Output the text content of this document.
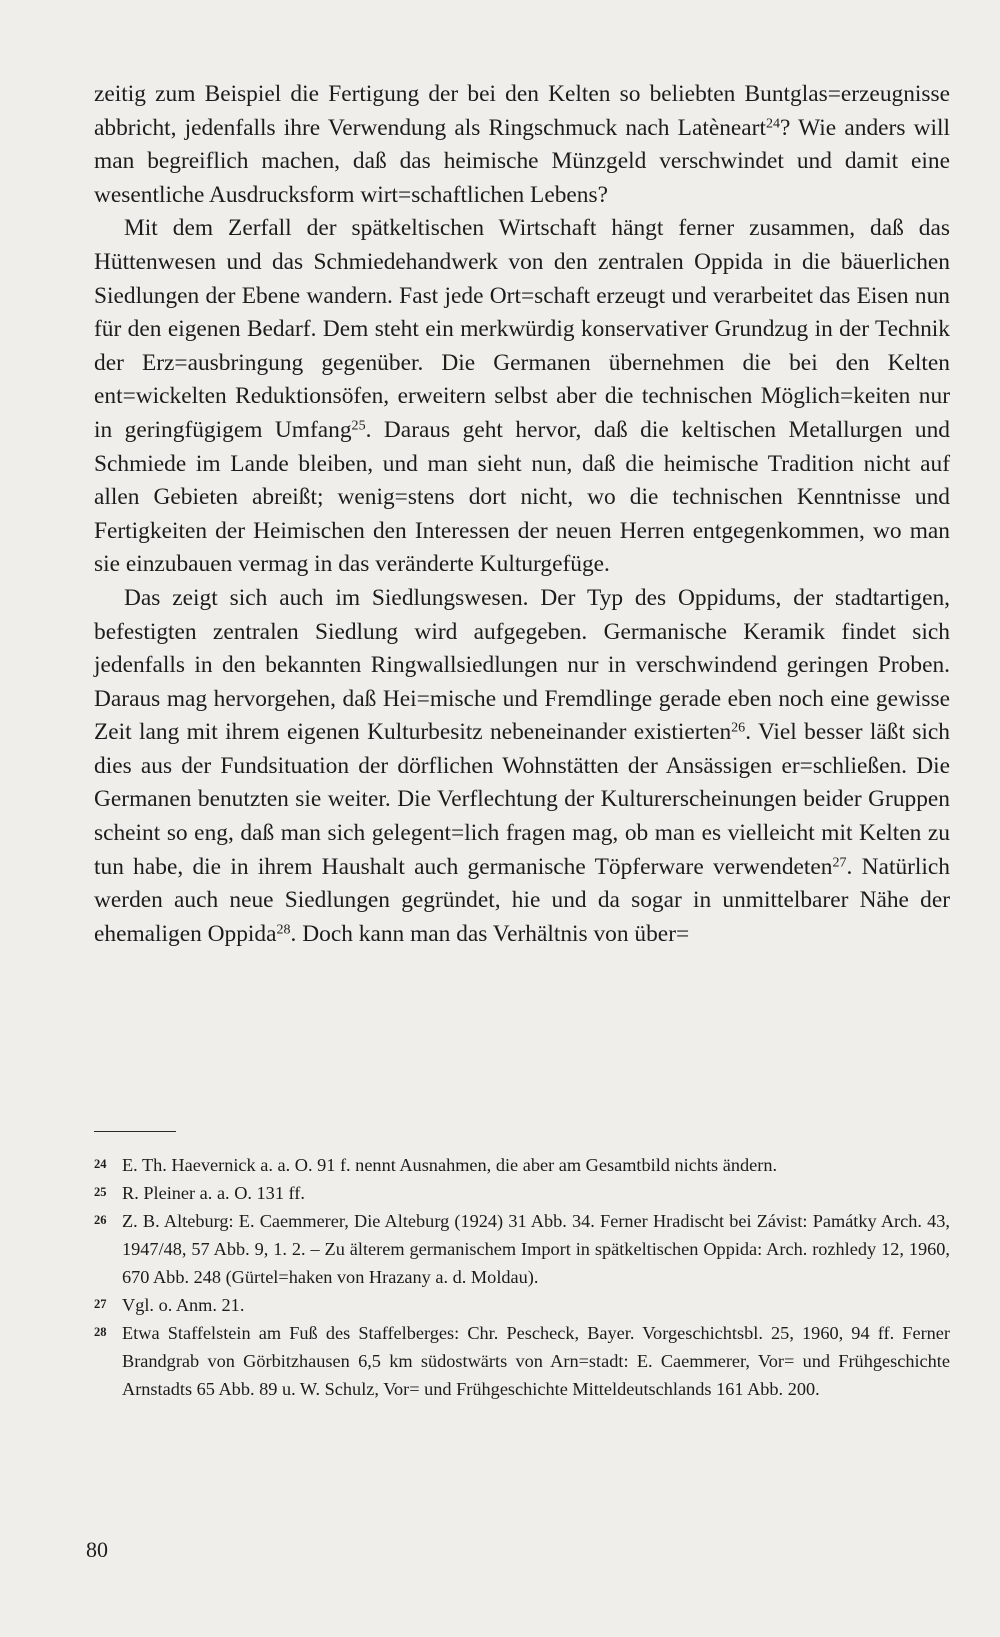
zeitig zum Beispiel die Fertigung der bei den Kelten so beliebten Buntglas=erzeugnisse abbricht, jedenfalls ihre Verwendung als Ringschmuck nach Latèneart$^{24}$? Wie anders will man begreiflich machen, daß das heimische Münzgeld verschwindet und damit eine wesentliche Ausdrucksform wirt=schaftlichen Lebens?

Mit dem Zerfall der spätkeltischen Wirtschaft hängt ferner zusammen, daß das Hüttenwesen und das Schmiedehandwerk von den zentralen Oppida in die bäuerlichen Siedlungen der Ebene wandern. Fast jede Ort=schaft erzeugt und verarbeitet das Eisen nun für den eigenen Bedarf. Dem steht ein merkwürdig konservativer Grundzug in der Technik der Erz=ausbringung gegenüber. Die Germanen übernehmen die bei den Kelten ent=wickelten Reduktionsöfen, erweitern selbst aber die technischen Möglich=keiten nur in geringfügigem Umfang$^{25}$. Daraus geht hervor, daß die keltischen Metallurgen und Schmiede im Lande bleiben, und man sieht nun, daß die heimische Tradition nicht auf allen Gebieten abreißt; wenig=stens dort nicht, wo die technischen Kenntnisse und Fertigkeiten der Heimischen den Interessen der neuen Herren entgegenkommen, wo man sie einzubauen vermag in das veränderte Kulturgefüge.

Das zeigt sich auch im Siedlungswesen. Der Typ des Oppidums, der stadtartigen, befestigten zentralen Siedlung wird aufgegeben. Germanische Keramik findet sich jedenfalls in den bekannten Ringwallsiedlungen nur in verschwindend geringen Proben. Daraus mag hervorgehen, daß Hei=mische und Fremdlinge gerade eben noch eine gewisse Zeit lang mit ihrem eigenen Kulturbesitz nebeneinander existierten$^{26}$. Viel besser läßt sich dies aus der Fundsituation der dörflichen Wohnstätten der Ansässigen er=schließen. Die Germanen benutzten sie weiter. Die Verflechtung der Kulturerscheinungen beider Gruppen scheint so eng, daß man sich gelegent=lich fragen mag, ob man es vielleicht mit Kelten zu tun habe, die in ihrem Haushalt auch germanische Töpferware verwendeten$^{27}$. Natürlich werden auch neue Siedlungen gegründet, hie und da sogar in unmittelbarer Nähe der ehemaligen Oppida$^{28}$. Doch kann man das Verhältnis von über=

24 E. Th. Haevernick a. a. O. 91 f. nennt Ausnahmen, die aber am Gesamtbild nichts ändern.

25 R. Pleiner a. a. O. 131 ff.

26 Z. B. Alteburg: E. Caemmerer, Die Alteburg (1924) 31 Abb. 34. Ferner Hradischt bei Závist: Památky Arch. 43, 1947/48, 57 Abb. 9, 1. 2. – Zu älterem germanischem Import in spätkeltischen Oppida: Arch. rozhledy 12, 1960, 670 Abb. 248 (Gürtel=haken von Hrazany a. d. Moldau).

27 Vgl. o. Anm. 21.

28 Etwa Staffelstein am Fuß des Staffelberges: Chr. Pescheck, Bayer. Vorgeschichtsbl. 25, 1960, 94 ff. Ferner Brandgrab von Görbitzhausen 6,5 km südostwärts von Arn=stadt: E. Caemmerer, Vor= und Frühgeschichte Arnstadts 65 Abb. 89 u. W. Schulz, Vor= und Frühgeschichte Mitteldeutschlands 161 Abb. 200.

80
